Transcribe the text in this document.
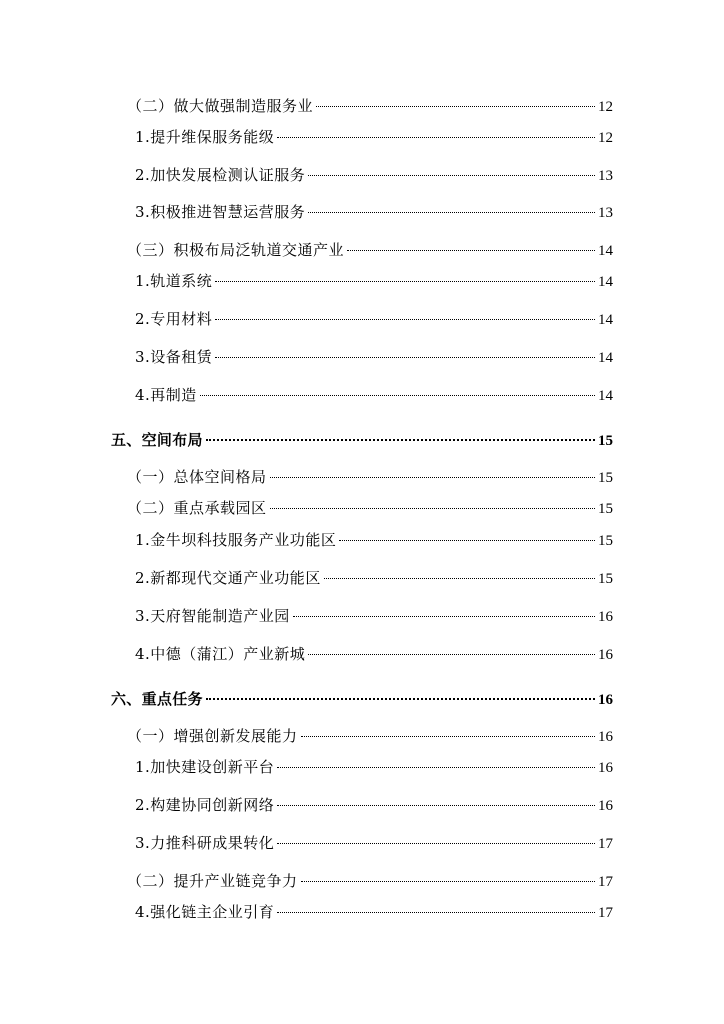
（二）做大做强制造服务业	12
1.提升维保服务能级	12
2.加快发展检测认证服务	13
3.积极推进智慧运营服务	13
（三）积极布局泛轨道交通产业	14
1.轨道系统	14
2.专用材料	14
3.设备租赁	14
4.再制造	14
五、空间布局	15
（一）总体空间格局	15
（二）重点承载园区	15
1.金牛坝科技服务产业功能区	15
2.新都现代交通产业功能区	15
3.天府智能制造产业园	16
4.中德（蒲江）产业新城	16
六、重点任务	16
（一）增强创新发展能力	16
1.加快建设创新平台	16
2.构建协同创新网络	16
3.力推科研成果转化	17
（二）提升产业链竞争力	17
4.强化链主企业引育	17
